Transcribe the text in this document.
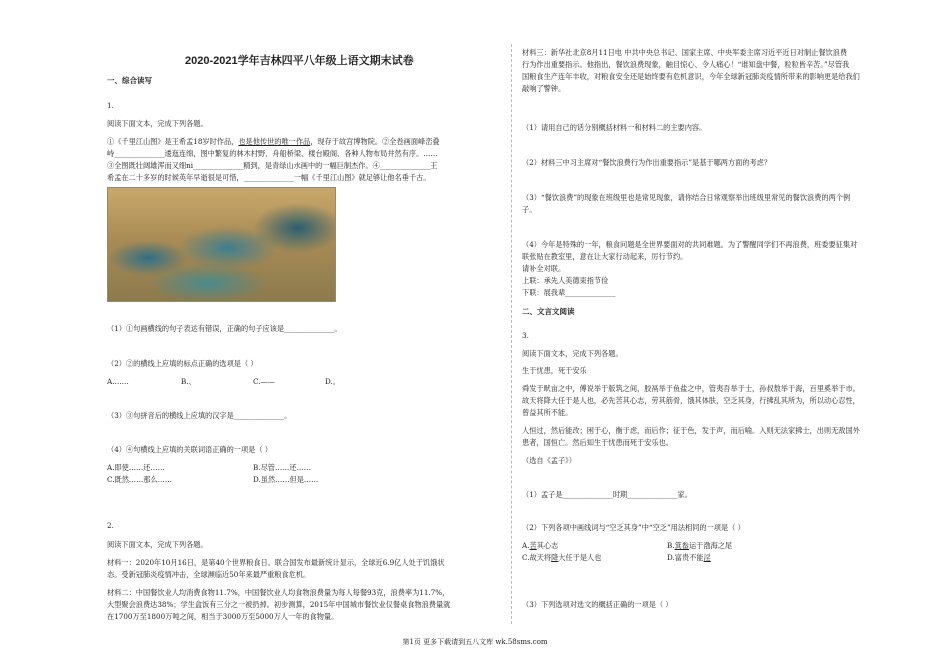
2020-2021学年吉林四平八年级上语文期末试卷
一、综合读写
1.
阅读下面文本，完成下列各题。
①《千里江山图》是王希孟18岁时作品，也是他传世的唯一作品，现存于故宫博物院。②全卷画面峰峦叠
峙______________逶迤连绵，图中繁复的林木村野、舟船桥梁、楼台殿阁、各种人物布局井然有序。……
③全图既壮阔雄浑而又细ni______________精到，是青绿山水画中的一幅巨制杰作。④______________王
希孟在二十多岁的时候英年早逝很是可惜，______________一幅《千里江山图》就足够让他名垂千古。
（1）①句画横线的句子表达有错误，正确的句子应该是______________。
（2）②的横线上应填的标点正确的选项是（ ）
A.……	B.、	C.——	D.。
（3）③句拼音后的横线上应填的汉字是______________。
（4）④句横线上应填的关联词语正确的一项是（ ）
A.即使……还……	B.尽管……还……
C.既然……那么……	D.虽然……但是……
2.
阅读下面文本，完成下列各题。
材料一：2020年10月16日，是第40个世界粮食日。联合国发布最新统计显示，全球近6.9亿人处于饥饿状
态。受新冠肺炎疫情冲击，全球濒临近50年来最严重粮食危机。
材料二：中国餐饮业人均消费食物11.7%，中国餐饮业人均食物浪费量为每人每餐93克，浪费率为11.7%，
大型聚会浪费达38%；学生盒饭有三分之一被扔掉。初步测算，2015年中国城市餐饮业仅餐桌食物浪费量就
在1700万至1800万吨之间，相当于3000万至5000万人一年的食物量。
材料三：新华社北京8月11日电 中共中央总书记、国家主席、中央军委主席习近平近日对制止餐饮浪费
行为作出重要指示。他指出，餐饮浪费现象，触目惊心、令人痛心！“谁知盘中餐，粒粒皆辛苦。”尽管我
国粮食生产连年丰收，对粮食安全还是始终要有危机意识，今年全球新冠肺炎疫情所带来的影响更是给我们
敲响了警钟。
（1）请用自己的话分别概括材料一和材料二的主要内容。
（2）材料三中习主席对“餐饮浪费行为作出重要指示”是基于哪两方面的考虑？
（3）“餐饮浪费”的现象在班级里也是常见现象，请你结合日常观察举出班级里常见的餐饮浪费的两个例
子。
（4）今年是特殊的一年，粮食问题是全世界要面对的共同难题。为了警醒同学们不再浪费，班委要征集对
联张贴在教室里，意在让大家行动起来，厉行节约。
请补全对联。
上联：承先人美德束指节俭
下联：展我辈______________
二、文言文阅读
3.
阅读下面文本，完成下列各题。
生于忧患，死于安乐
舜发于畎亩之中，傅说举于版筑之间，胶鬲举于鱼盐之中，管夷吾举于士，孙叔敖举于海，百里奚举于市。
故天将降大任于是人也，必先苦其心志，劳其筋骨，饿其体肤，空乏其身，行拂乱其所为，所以动心忍性，
曾益其所不能。
人恒过，然后能改；困于心，衡于虑，而后作；征于色，发于声，而后喻。入则无法家拂士，出则无敌国外
患者，国恒亡。然后知生于忧患而死于安乐也。
（选自《孟子》）
（1）孟子是______________时期______________家。
（2）下列各项中画线词与“空乏其身”中“空乏”用法相同的一项是（ ）
A.苦其心志	B.箕畚运于渤海之尾
C.故天将降大任于是人也	D.富贵不能淫
（3）下列选项对选文的概括正确的一项是（ ）
第1页 更多下载请到五八文库 wk.58sms.com
